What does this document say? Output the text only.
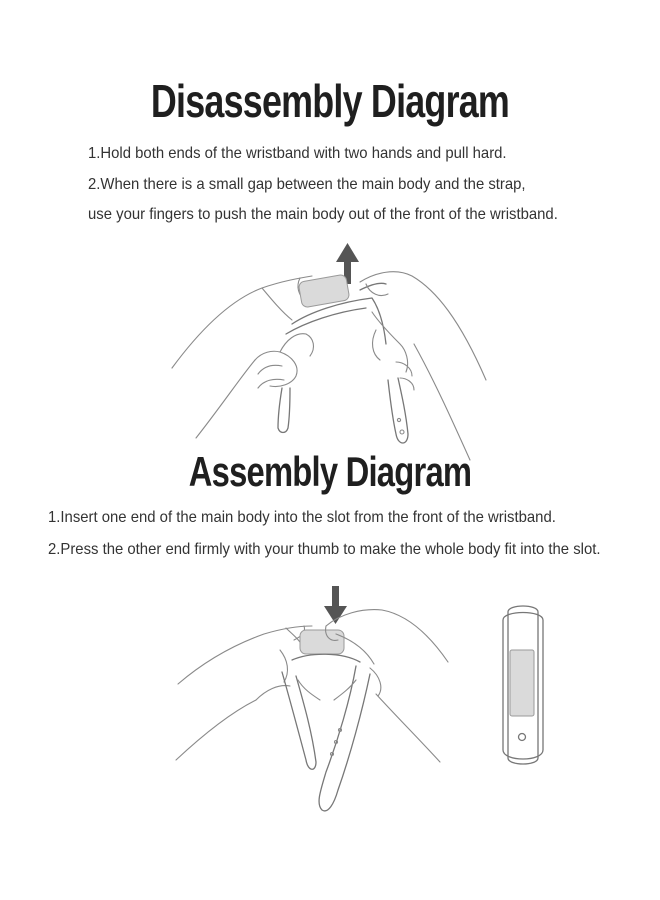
Disassembly Diagram
1.Hold both ends of the wristband with two hands and pull hard.
2.When there is a small gap between the main body and the strap,
use your fingers to push the main body out of the front of the wristband.
Assembly Diagram
1.Insert one end of the main body into the slot from the front of the wristband.
2.Press the other end firmly with your thumb to make the whole body fit into the slot.
